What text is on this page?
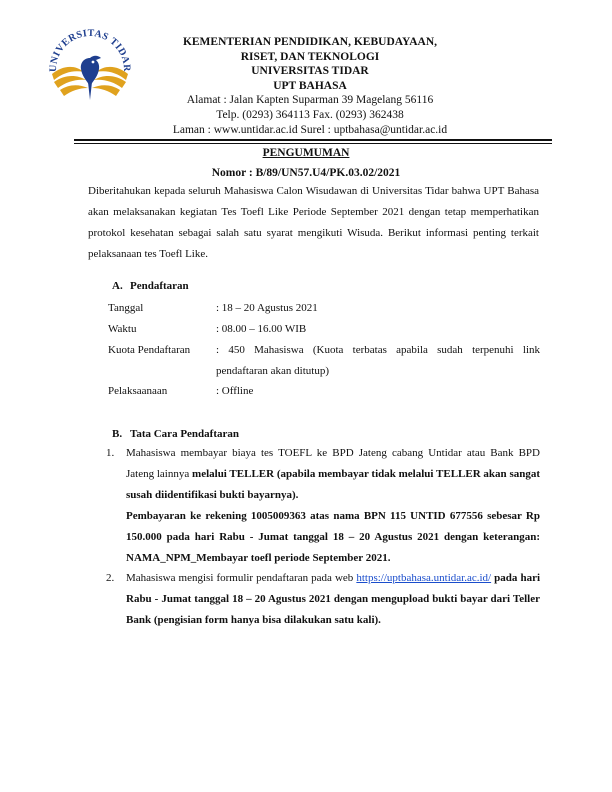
UNIVERSITAS TIDAR
KEMENTERIAN PENDIDIKAN, KEBUDAYAAN,
RISET, DAN TEKNOLOGI
UNIVERSITAS TIDAR
UPT BAHASA
Alamat : Jalan Kapten Suparman 39 Magelang 56116
Telp. (0293) 364113 Fax. (0293) 362438
Laman : www.untidar.ac.id Surel : uptbahasa@untidar.ac.id
PENGUMUMAN
Nomor : B/89/UN57.U4/PK.03.02/2021
Diberitahukan kepada seluruh Mahasiswa Calon Wisudawan di Universitas Tidar bahwa UPT Bahasa akan melaksanakan kegiatan Tes Toefl Like Periode September 2021 dengan tetap memperhatikan protokol kesehatan sebagai salah satu syarat mengikuti Wisuda. Berikut informasi penting terkait pelaksanaan tes Toefl Like.
A. Pendaftaran
Tanggal	: 18 – 20 Agustus 2021
Waktu	: 08.00 – 16.00 WIB
Kuota Pendaftaran	: 450 Mahasiswa (Kuota terbatas apabila sudah terpenuhi link pendaftaran akan ditutup)
Pelaksaanaan	: Offline
B. Tata Cara Pendaftaran
1.	Mahasiswa membayar biaya tes TOEFL ke BPD Jateng cabang Untidar atau Bank BPD Jateng lainnya melalui TELLER (apabila membayar tidak melalui TELLER akan sangat susah diidentifikasi bukti bayarnya).
Pembayaran ke rekening 1005009363 atas nama BPN 115 UNTID 677556 sebesar Rp 150.000 pada hari Rabu - Jumat tanggal 18 – 20 Agustus 2021 dengan keterangan: NAMA_NPM_Membayar toefl periode September 2021.
2.	Mahasiswa mengisi formulir pendaftaran pada web https://uptbahasa.untidar.ac.id/ pada hari Rabu - Jumat tanggal 18 – 20 Agustus 2021 dengan mengupload bukti bayar dari Teller Bank (pengisian form hanya bisa dilakukan satu kali).
